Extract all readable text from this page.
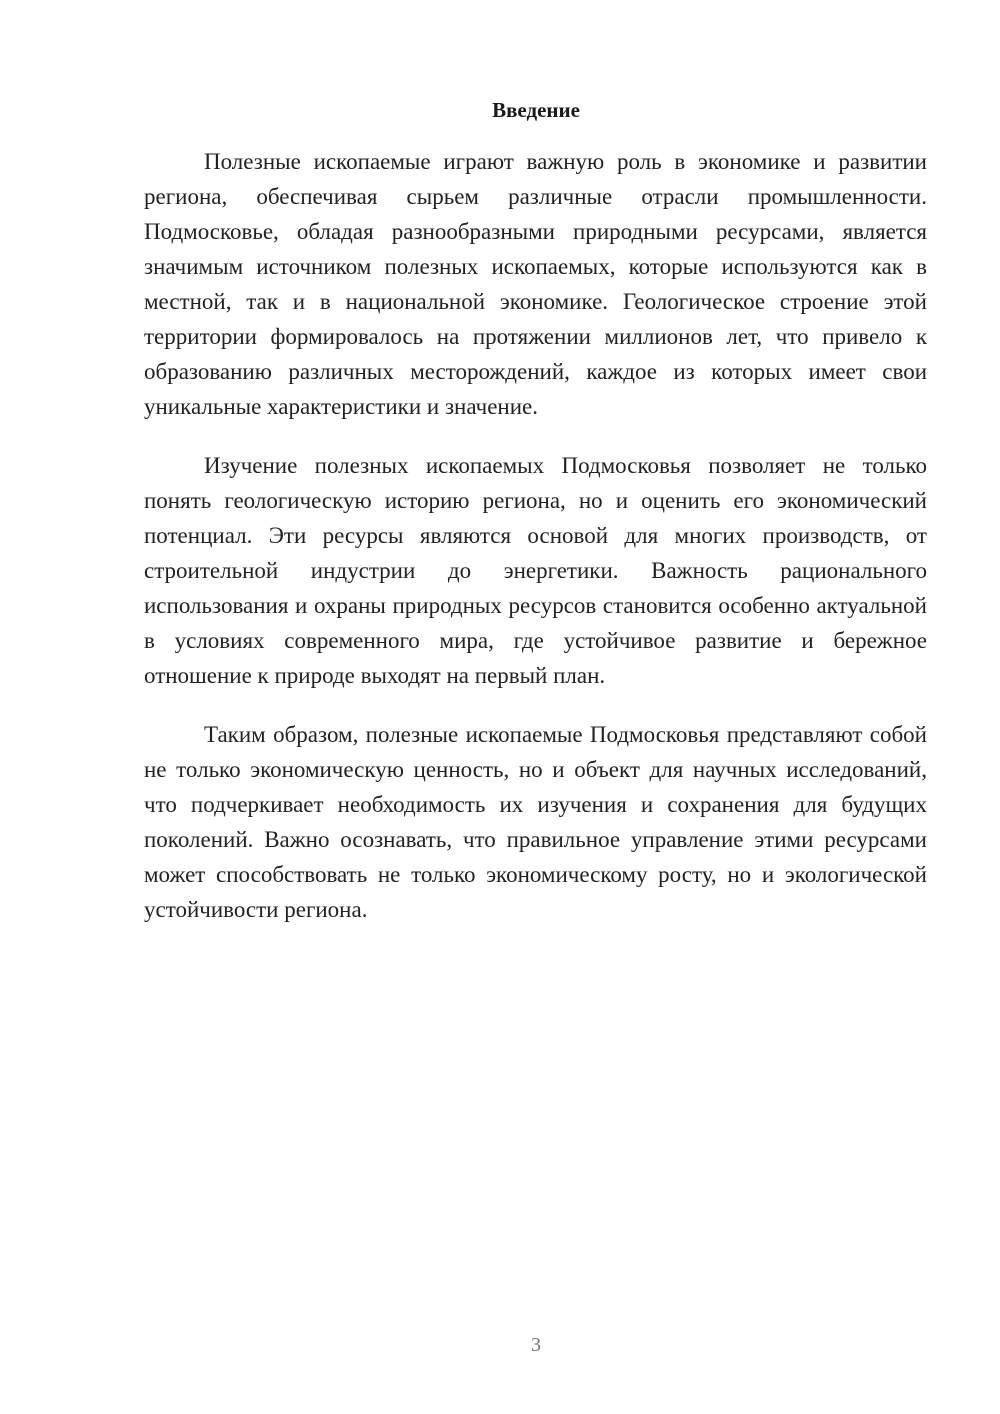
Введение

Полезные ископаемые играют важную роль в экономике и развитии региона, обеспечивая сырьем различные отрасли промышленности. Подмосковье, обладая разнообразными природными ресурсами, является значимым источником полезных ископаемых, которые используются как в местной, так и в национальной экономике. Геологическое строение этой территории формировалось на протяжении миллионов лет, что привело к образованию различных месторождений, каждое из которых имеет свои уникальные характеристики и значение.

Изучение полезных ископаемых Подмосковья позволяет не только понять геологическую историю региона, но и оценить его экономический потенциал. Эти ресурсы являются основой для многих производств, от строительной индустрии до энергетики. Важность рационального использования и охраны природных ресурсов становится особенно актуальной в условиях современного мира, где устойчивое развитие и бережное отношение к природе выходят на первый план.

Таким образом, полезные ископаемые Подмосковья представляют собой не только экономическую ценность, но и объект для научных исследований, что подчеркивает необходимость их изучения и сохранения для будущих поколений. Важно осознавать, что правильное управление этими ресурсами может способствовать не только экономическому росту, но и экологической устойчивости региона.

3
